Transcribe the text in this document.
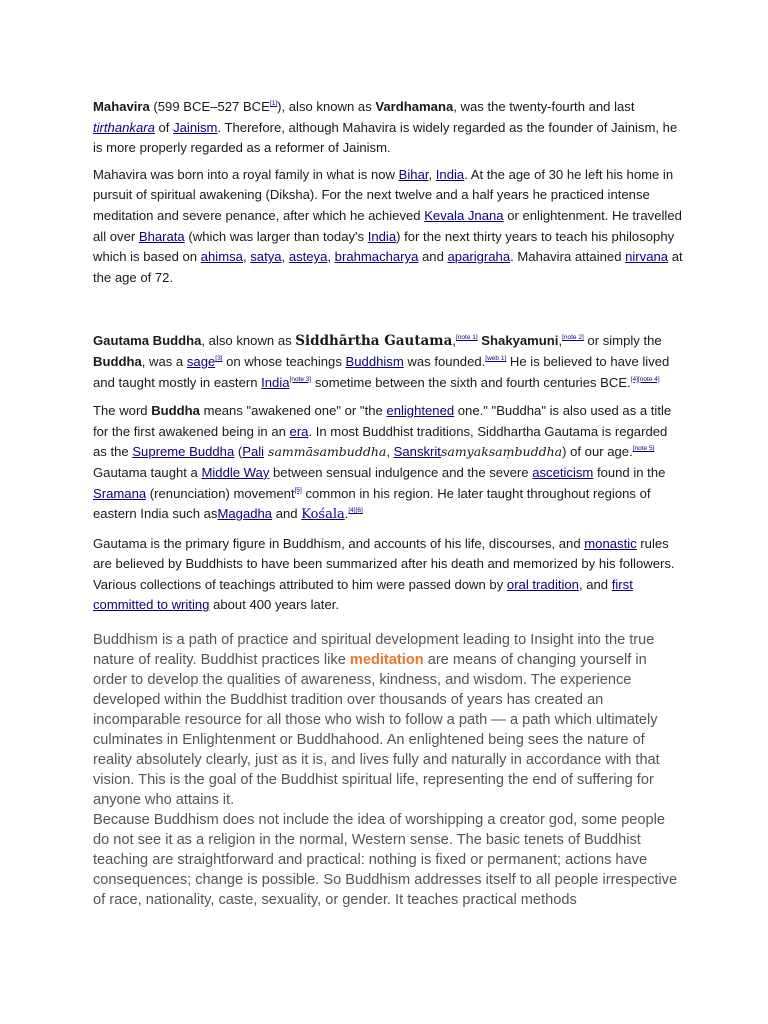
Mahavira (599 BCE–527 BCE[1]), also known as Vardhamana, was the twenty-fourth and last tirthankara of Jainism. Therefore, although Mahavira is widely regarded as the founder of Jainism, he is more properly regarded as a reformer of Jainism.

Mahavira was born into a royal family in what is now Bihar, India. At the age of 30 he left his home in pursuit of spiritual awakening (Diksha). For the next twelve and a half years he practiced intense meditation and severe penance, after which he achieved Kevala Jnana or enlightenment. He travelled all over Bharata (which was larger than today's India) for the next thirty years to teach his philosophy which is based on ahimsa, satya, asteya, brahmacharya and aparigraha. Mahavira attained nirvana at the age of 72.

Gautama Buddha, also known as Siddhārtha Gautama,[note 1] Shakyamuni,[note 2] or simply the Buddha, was a sage[3] on whose teachings Buddhism was founded.[web 1] He is believed to have lived and taught mostly in eastern India[note 3] sometime between the sixth and fourth centuries BCE.[4][note 4]

The word Buddha means "awakened one" or "the enlightened one." "Buddha" is also used as a title for the first awakened being in an era. In most Buddhist traditions, Siddhartha Gautama is regarded as the Supreme Buddha (Pali sammāsambuddha, Sanskritsamyaksaṃbuddha) of our age.[note 5] Gautama taught a Middle Way between sensual indulgence and the severe asceticism found in the Sramana (renunciation) movement[5] common in his region. He later taught throughout regions of eastern India such asMagadha and Kośala.[4][6]

Gautama is the primary figure in Buddhism, and accounts of his life, discourses, and monastic rules are believed by Buddhists to have been summarized after his death and memorized by his followers. Various collections of teachings attributed to him were passed down by oral tradition, and first committed to writing about 400 years later.

Buddhism is a path of practice and spiritual development leading to Insight into the true nature of reality. Buddhist practices like meditation are means of changing yourself in order to develop the qualities of awareness, kindness, and wisdom. The experience developed within the Buddhist tradition over thousands of years has created an incomparable resource for all those who wish to follow a path — a path which ultimately culminates in Enlightenment or Buddhahood. An enlightened being sees the nature of reality absolutely clearly, just as it is, and lives fully and naturally in accordance with that vision. This is the goal of the Buddhist spiritual life, representing the end of suffering for anyone who attains it.
Because Buddhism does not include the idea of worshipping a creator god, some people do not see it as a religion in the normal, Western sense. The basic tenets of Buddhist teaching are straightforward and practical: nothing is fixed or permanent; actions have consequences; change is possible. So Buddhism addresses itself to all people irrespective of race, nationality, caste, sexuality, or gender. It teaches practical methods
